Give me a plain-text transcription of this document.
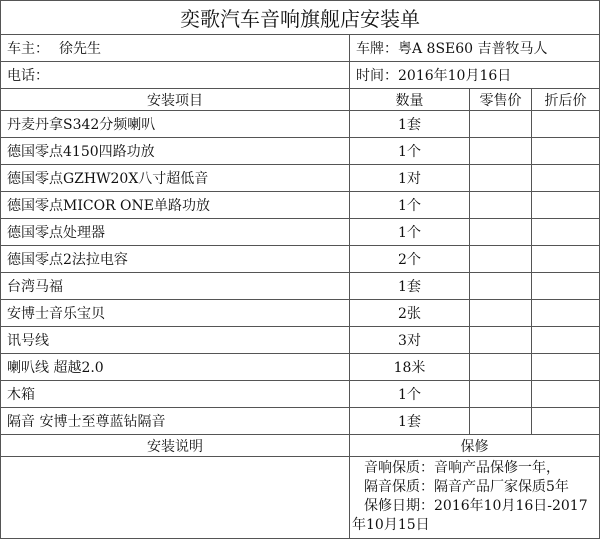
奕歌汽车音响旗舰店安装单
车主： 徐先生	车牌： 粤A 8SE60 吉普牧马人
电话：	时间： 2016年10月16日
安装项目	数量	零售价	折后价
丹麦丹拿S342分频喇叭	1套
德国零点4150四路功放	1个
德国零点GZHW20X八寸超低音	1对
德国零点MICOR ONE单路功放	1个
德国零点处理器	1个
德国零点2法拉电容	2个
台湾马福	1套
安博士音乐宝贝	2张
讯号线	3对
喇叭线 超越2.0	18米
木箱	1个
隔音 安博士至尊蓝钻隔音	1套
安装说明	保修
音响保质：音响产品保修一年，
隔音保质：隔音产品厂家保质5年
保修日期：2016年10月16日-2017
年10月15日
